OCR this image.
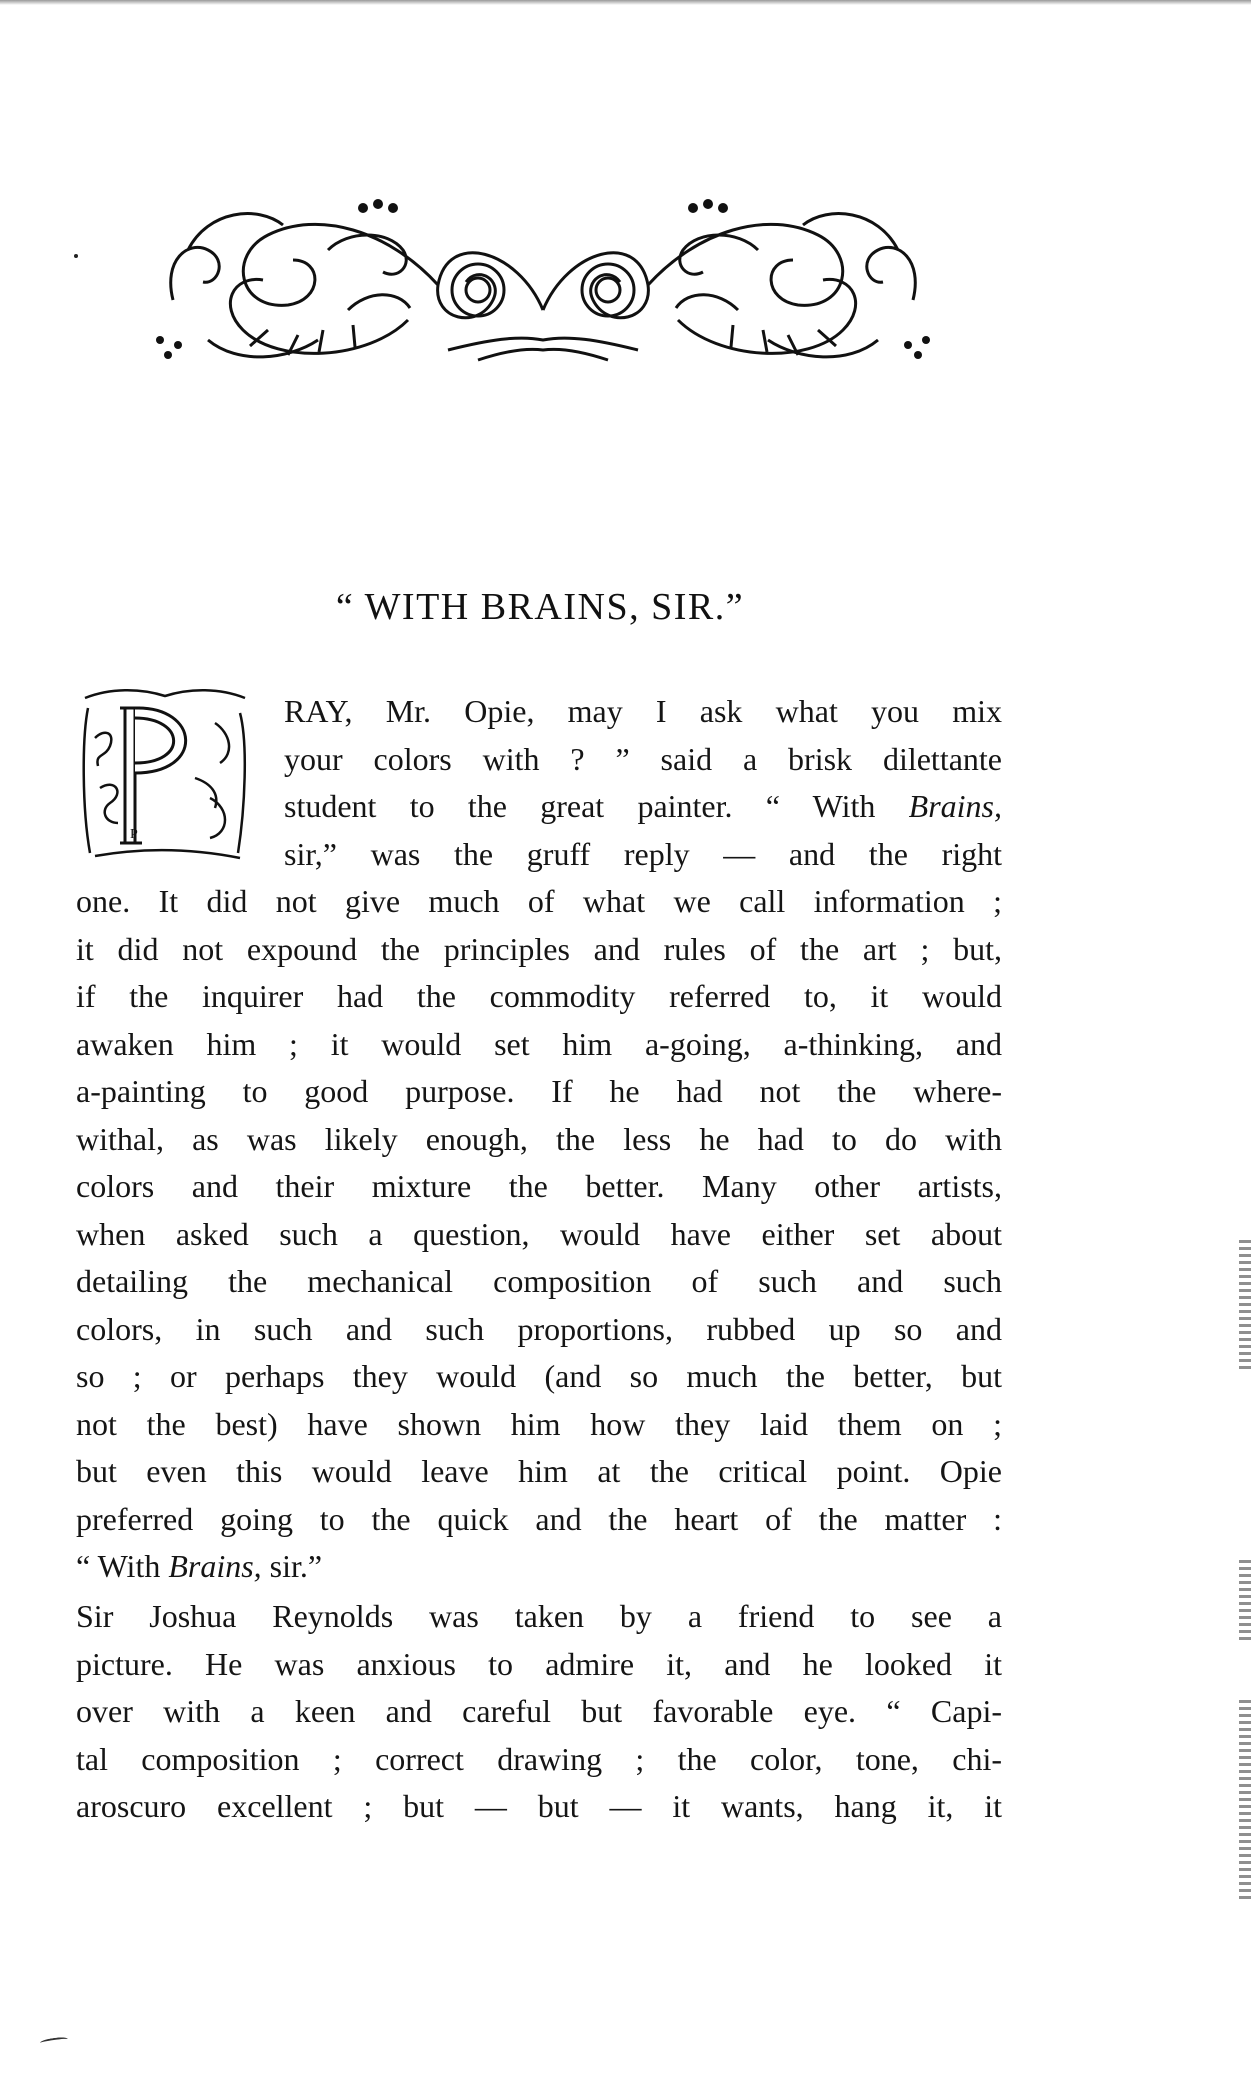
“ WITH BRAINS, SIR.”
P
RAY, Mr. Opie, may I ask what you mix
your colors with ? ” said a brisk dilettante
student to the great painter. “ With Brains,
sir,” was the gruff reply — and the right
one. It did not give much of what we call information ;
it did not expound the principles and rules of the art ; but,
if the inquirer had the commodity referred to, it would
awaken him ; it would set him a-going, a-thinking, and
a-painting to good purpose. If he had not the where-
withal, as was likely enough, the less he had to do with
colors and their mixture the better. Many other artists,
when asked such a question, would have either set about
detailing the mechanical composition of such and such
colors, in such and such proportions, rubbed up so and
so ; or perhaps they would (and so much the better, but
not the best) have shown him how they laid them on ;
but even this would leave him at the critical point. Opie
preferred going to the quick and the heart of the matter :
“ With Brains, sir.”
Sir Joshua Reynolds was taken by a friend to see a
picture. He was anxious to admire it, and he looked it
over with a keen and careful but favorable eye. “ Capi-
tal composition ; correct drawing ; the color, tone, chi-
aroscuro excellent ; but — but — it wants, hang it, it
